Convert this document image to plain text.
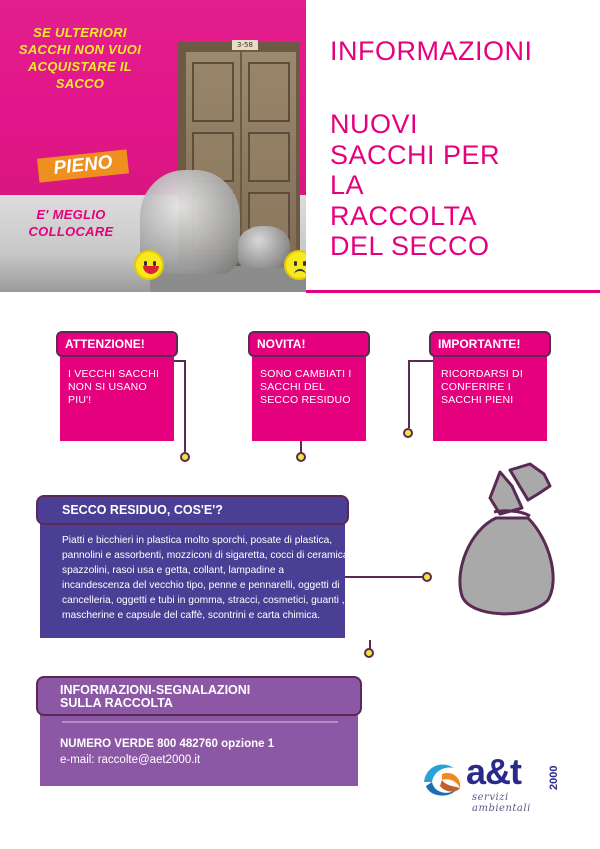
3-58
SE ULTERIORI SACCHI NON VUOI ACQUISTARE IL SACCO
PIENO
E' MEGLIO COLLOCARE
INFORMAZIONI
NUOVI
SACCHI PER
LA
RACCOLTA
DEL SECCO
ATTENZIONE!
I VECCHI SACCHI NON SI USANO PIU'!
NOVITA!
SONO CAMBIATI I SACCHI DEL SECCO RESIDUO
IMPORTANTE!
RICORDARSI DI CONFERIRE I SACCHI PIENI
SECCO RESIDUO, COS'E'?
Piatti e bicchieri in plastica molto sporchi, posate di plastica, pannolini e assorbenti, mozziconi di sigaretta, cocci di ceramica, spazzolini, rasoi usa e getta, collant, lampadine a incandescenza del vecchio tipo, penne e pennarelli, oggetti di cancelleria, oggetti e tubi in gomma, stracci, cosmetici, guanti , mascherine e capsule del caffè, scontrini e carta chimica.
INFORMAZIONI-SEGNALAZIONI
SULLA RACCOLTA
NUMERO VERDE 800 482760 opzione 1
e-mail: raccolte@aet2000.it	a&t 2000
servizi ambientali
